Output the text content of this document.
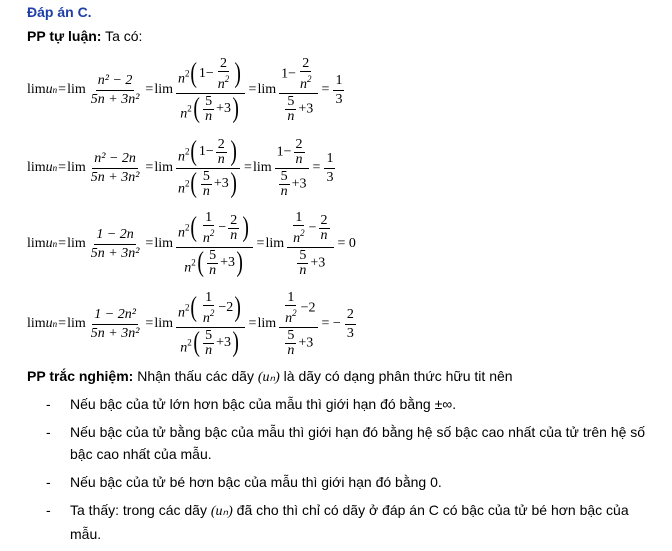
Đáp án C.
PP tự luận: Ta có:
lim u $n = \lim \frac{\text{n² − 2}}{\text{5n + 3n²}} = \lim \frac{n^2 ( 1- \frac{2}{n^2} )}{n^2 ( \frac{5}{n} +3 )} = \lim \frac{1- \frac{2}{n^2}}{\frac{5}{n} +3} = \frac{1}{3}$
lim u $n = \lim \frac{\text{n² − 2n}}{\text{5n + 3n²}} = \lim \frac{n^2 ( 1- \frac{2}{n} )}{n^2 ( \frac{5}{n} +3 )} = \lim \frac{1- \frac{2}{n}}{\frac{5}{n} +3} = \frac{1}{3}$
lim u $n = \lim \frac{1 - 2n}{\text{5n + 3n²}} = \lim \frac{n^2 ( \frac{1}{n^2} - \frac{2}{n} )}{n^2 ( \frac{5}{n} +3 )} = \lim \frac{\frac{1}{n^2} - \frac{2}{n}}{\frac{5}{n} +3} = 0$
lim u $n = \lim \frac{\text{1 − 2n²}}{\text{5n + 3n²}} = \lim \frac{n^2 ( \frac{1}{n^2} -2 )}{n^2 ( \frac{5}{n} +3 )} = \lim \frac{\frac{1}{n^2} -2}{\frac{5}{n} +3}$ = − $\frac{2}{3}$
PP trắc nghiệm: Nhận thấu các dãy (uₙ) là dãy có dạng phân thức hữu tit nên
- Nếu bậc của tử lớn hơn bậc của mẫu thì giới hạn đó bằng ±∞.
- Nếu bậc của tử bằng bậc của mẫu thì giới hạn đó bằng hệ số bậc cao nhất của tử trên hệ số bậc cao nhất của mẫu.
- Nếu bậc của tử bé hơn bậc của mẫu thì giới hạn đó bằng 0.
- Ta thấy: trong các dãy (uₙ) đã cho thì chỉ có dãy ở đáp án C có bậc của tử bé hơn bậc của mẫu.
